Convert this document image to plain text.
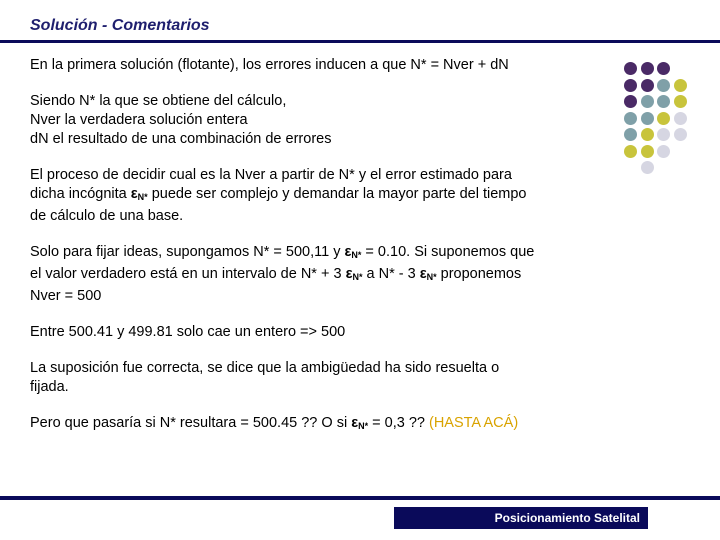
Solución - Comentarios

En la primera solución (flotante), los errores inducen a que N* = Nver + dN

Siendo N* la que se obtiene del cálculo,
Nver la verdadera solución entera
dN el resultado de una combinación de errores

El proceso de decidir cual es la Nver a partir de N* y el error estimado para
dicha incógnita $\varepsilon_{N*}$ puede ser complejo y demandar la mayor parte del tiempo
de cálculo de una base.

Solo para fijar ideas, supongamos N* = 500,11 y $\varepsilon_{N*} = 0.10$. Si suponemos que
el valor verdadero está en un intervalo de N* + 3 $\varepsilon_{N*}$ a N* - 3 $\varepsilon_{N*}$ proponemos
Nver = 500

Entre 500.41 y 499.81 solo cae un entero => 500

La suposición fue correcta, se dice que la ambigüedad ha sido resuelta o
fijada.

Pero que pasaría si N* resultara = 500.45 ?? O si $\varepsilon_{N*} = 0,3$ ?? (HASTA ACÁ)

Posicionamiento Satelital
